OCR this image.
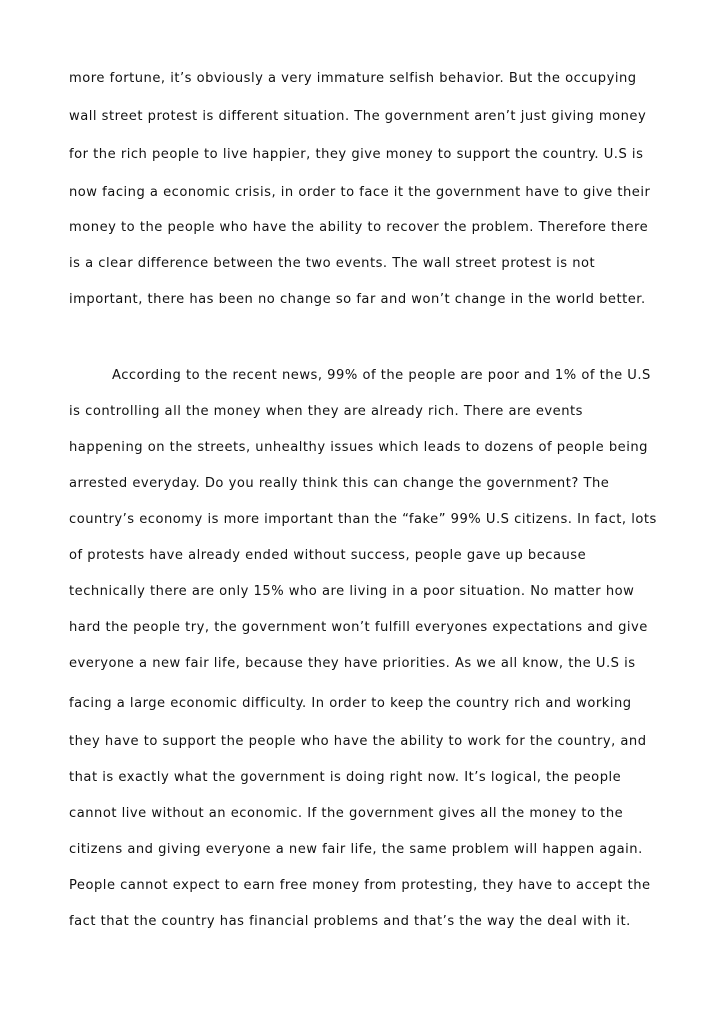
more fortune, it’s obviously a very immature selfish behavior. But the occupying
wall street protest is different situation. The government aren’t just giving money
for the rich people to live happier, they give money to support the country. U.S is
now facing a economic crisis, in order to face it the government have to give their
money to the people who have the ability to recover the problem. Therefore there
is a clear difference between the two events. The wall street protest is not
important, there has been no change so far and won’t change in the world better.
According to the recent news, 99% of the people are poor and 1% of the U.S
is controlling all the money when they are already rich. There are events
happening on the streets, unhealthy issues which leads to dozens of people being
arrested everyday. Do you really think this can change the government? The
country’s economy is more important than the “fake” 99% U.S citizens. In fact, lots
of protests have already ended without success, people gave up because
technically there are only 15% who are living in a poor situation. No matter how
hard the people try, the government won’t fulfill everyones expectations and give
everyone a new fair life, because they have priorities. As we all know, the U.S is
facing a large economic difficulty. In order to keep the country rich and working
they have to support the people who have the ability to work for the country, and
that is exactly what the government is doing right now. It’s logical, the people
cannot live without an economic. If the government gives all the money to the
citizens and giving everyone a new fair life, the same problem will happen again.
People cannot expect to earn free money from protesting, they have to accept the
fact that the country has financial problems and that’s the way the deal with it.
